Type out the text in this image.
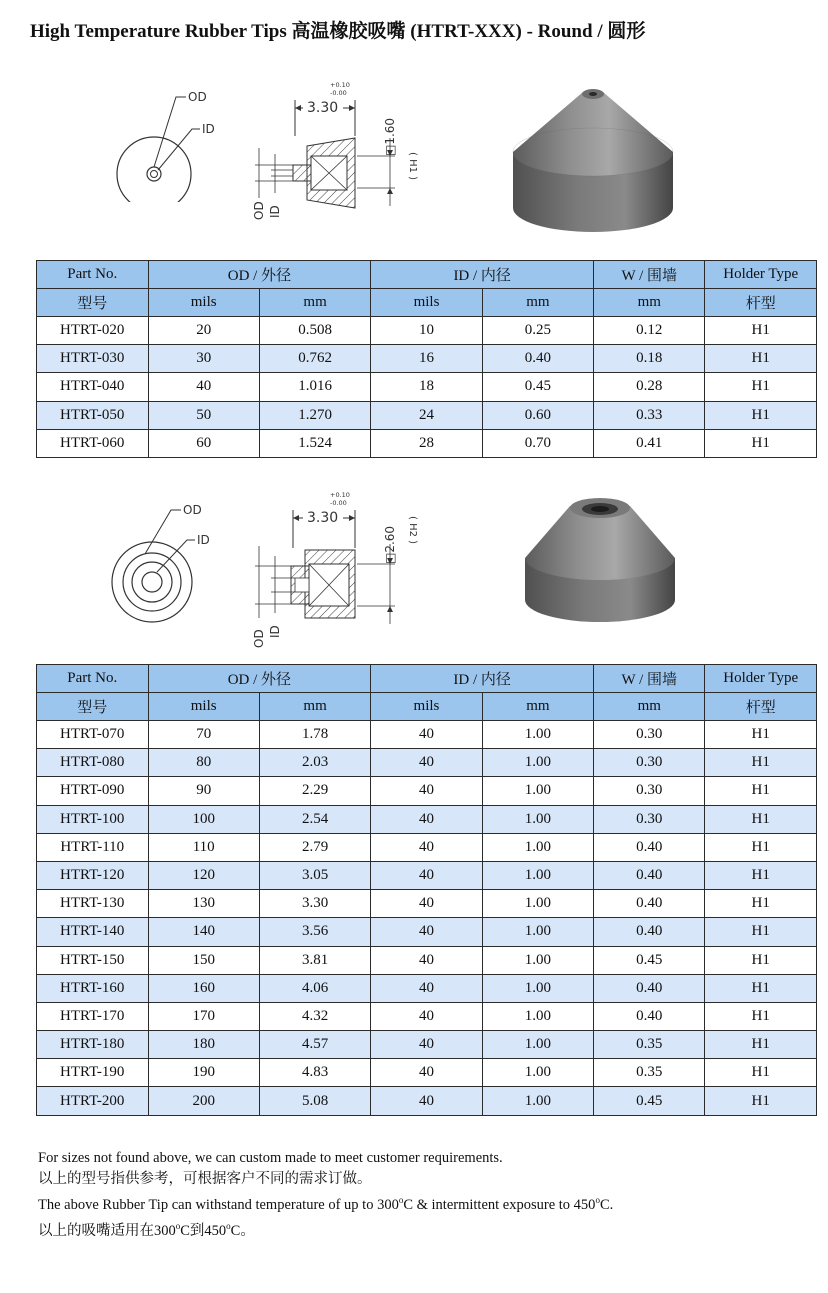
High Temperature Rubber Tips 高温橡胶吸嘴 (HTRT-XXX) - Round / 圆形
OD
ID
+0.10
-0.00
3.30
OD ID
□1.60
( H1 )
Part No.	OD / 外径		ID / 内径		W / 围墙	Holder Type
型号	mils	mm	mils	mm	mm	杆型
HTRT-020	20	0.508	10	0.25	0.12	H1
HTRT-030	30	0.762	16	0.40	0.18	H1
HTRT-040	40	1.016	18	0.45	0.28	H1
HTRT-050	50	1.270	24	0.60	0.33	H1
HTRT-060	60	1.524	28	0.70	0.41	H1
OD
ID
+0.10
-0.00
3.30
OD ID
□2.60 ( H2 )
Part No.	OD / 外径		ID / 内径		W / 围墙	Holder Type
型号	mils	mm	mils	mm	mm	杆型
HTRT-070	70	1.78	40	1.00	0.30	H1
HTRT-080	80	2.03	40	1.00	0.30	H1
HTRT-090	90	2.29	40	1.00	0.30	H1
HTRT-100	100	2.54	40	1.00	0.30	H1
HTRT-110	110	2.79	40	1.00	0.40	H1
HTRT-120	120	3.05	40	1.00	0.40	H1
HTRT-130	130	3.30	40	1.00	0.40	H1
HTRT-140	140	3.56	40	1.00	0.40	H1
HTRT-150	150	3.81	40	1.00	0.45	H1
HTRT-160	160	4.06	40	1.00	0.40	H1
HTRT-170	170	4.32	40	1.00	0.40	H1
HTRT-180	180	4.57	40	1.00	0.35	H1
HTRT-190	190	4.83	40	1.00	0.35	H1
HTRT-200	200	5.08	40	1.00	0.45	H1
For sizes not found above, we can custom made to meet customer requirements.
以上的型号指供参考，可根据客户不同的需求订做。
The above Rubber Tip can withstand temperature of up to 300$^o$C & intermittent exposure to 450$^o$C.
以上的吸嘴适用在300$^o$C到450$^o$C。
